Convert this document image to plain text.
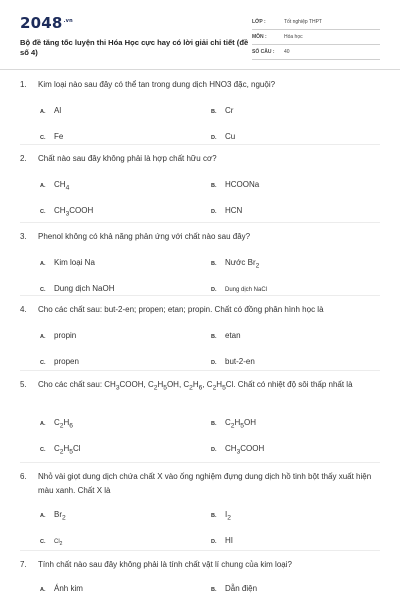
$2048^{.vn}$
Bộ đề tăng tốc luyện thi Hóa Học cực hay có lời giải chi tiết (đề số 4)
LỚP :	Tốt nghiệp THPT
MÔN :	Hóa học
SỐ CÂU :	40
1.	Kim loại nào sau đây có thể tan trong dung dịch HNO3 đặc, nguội?
A.	Al	B.	Cr
C.	Fe	D.	Cu
2.	Chất nào sau đây không phải là hợp chất hữu cơ?
A.	$CH_4$	B.	HCOONa
C.	$CH_3COOH$	D.	HCN
3.	Phenol không có khả năng phản ứng với chất nào sau đây?
A.	Kim loại Na	B.	Nước $Br_2$
C.	Dung dịch NaOH	D.	Dung dịch NaCl
4.	Cho các chất sau: but-2-en; propen; etan; propin. Chất có đồng phân hình học là
A.	propin	B.	etan
C.	propen	D.	but-2-en
5.	Cho các chất sau: $CH_3COOH$, $C_2H_5OH$, $C_2H_6$, $C_2H_5Cl$. Chất có nhiệt độ sôi thấp nhất là
A.	$C_2H_6$	B.	$C_2H_5OH$
C.	$C_2H_5Cl$	D.	$CH_3COOH$
6.	Nhỏ vài giọt dung dịch chứa chất X vào ống nghiệm đựng dung dịch hồ tinh bột thấy xuất hiện màu xanh. Chất X là
A.	$Br_2$	B.	$I_2$
C.	$Cl_2$	D.	HI
7.	Tính chất nào sau đây không phải là tính chất vật lí chung của kim loại?
A.	Ánh kim	B.	Dẫn điện
